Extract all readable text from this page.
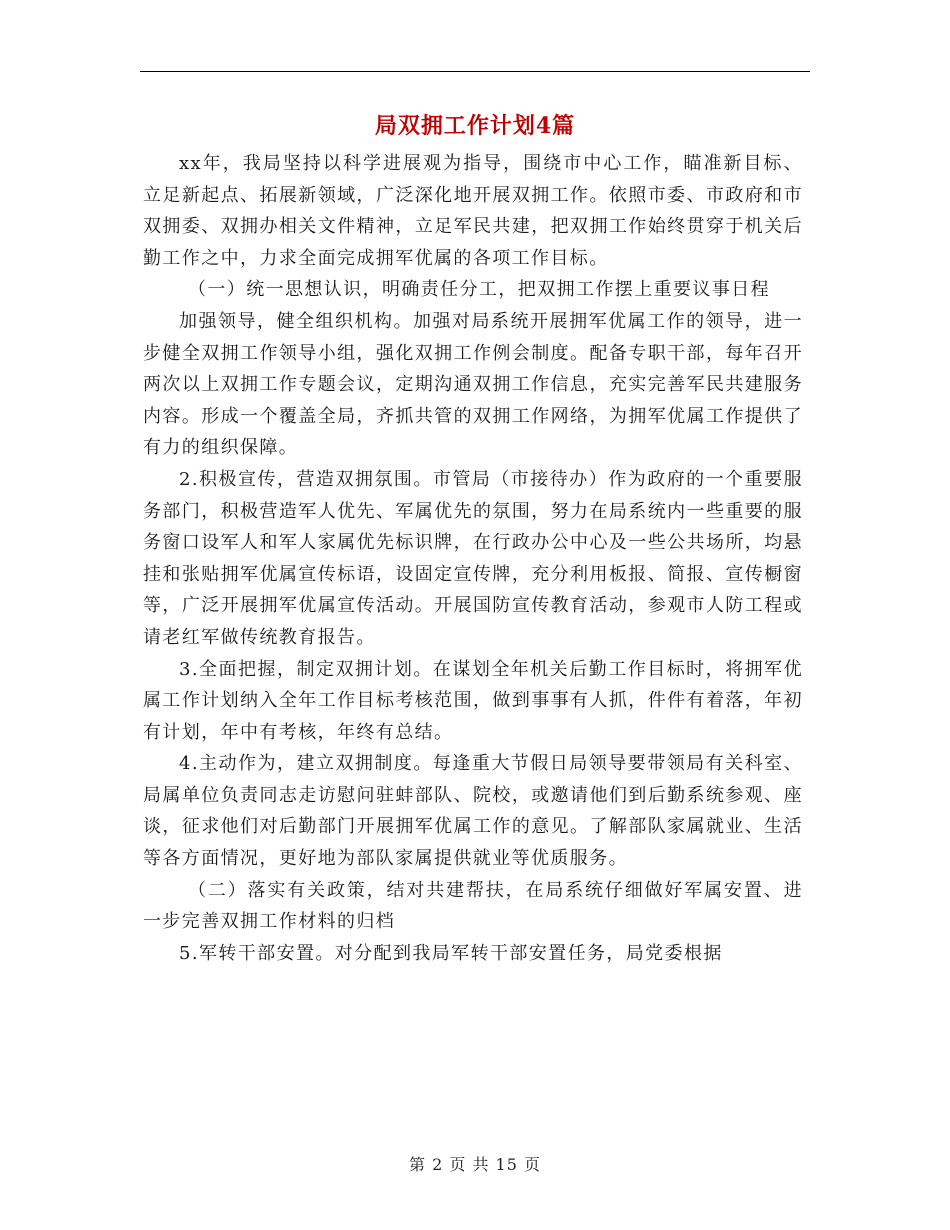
局双拥工作计划4篇

xx年，我局坚持以科学进展观为指导，围绕市中心工作，瞄准新目标、立足新起点、拓展新领域，广泛深化地开展双拥工作。依照市委、市政府和市双拥委、双拥办相关文件精神，立足军民共建，把双拥工作始终贯穿于机关后勤工作之中，力求全面完成拥军优属的各项工作目标。

（一）统一思想认识，明确责任分工，把双拥工作摆上重要议事日程

加强领导，健全组织机构。加强对局系统开展拥军优属工作的领导，进一步健全双拥工作领导小组，强化双拥工作例会制度。配备专职干部，每年召开两次以上双拥工作专题会议，定期沟通双拥工作信息，充实完善军民共建服务内容。形成一个覆盖全局，齐抓共管的双拥工作网络，为拥军优属工作提供了有力的组织保障。

2.积极宣传，营造双拥氛围。市管局（市接待办）作为政府的一个重要服务部门，积极营造军人优先、军属优先的氛围，努力在局系统内一些重要的服务窗口设军人和军人家属优先标识牌，在行政办公中心及一些公共场所，均悬挂和张贴拥军优属宣传标语，设固定宣传牌，充分利用板报、简报、宣传橱窗等，广泛开展拥军优属宣传活动。开展国防宣传教育活动，参观市人防工程或请老红军做传统教育报告。

3.全面把握，制定双拥计划。在谋划全年机关后勤工作目标时，将拥军优属工作计划纳入全年工作目标考核范围，做到事事有人抓，件件有着落，年初有计划，年中有考核，年终有总结。

4.主动作为，建立双拥制度。每逢重大节假日局领导要带领局有关科室、局属单位负责同志走访慰问驻蚌部队、院校，或邀请他们到后勤系统参观、座谈，征求他们对后勤部门开展拥军优属工作的意见。了解部队家属就业、生活等各方面情况，更好地为部队家属提供就业等优质服务。

（二）落实有关政策，结对共建帮扶，在局系统仔细做好军属安置、进一步完善双拥工作材料的归档

5.军转干部安置。对分配到我局军转干部安置任务，局党委根据

第 2 页 共 15 页
